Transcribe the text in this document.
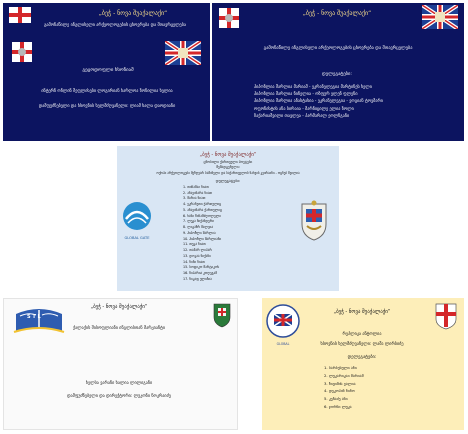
„ბეჭ - ნოვა შუაქალაქი“
გამონაწილე ინგლისელი არქეოლოგების ცხოვრება და შთავრცელება
გეცოდოფლი ხსონიამ
ინტერნ ონლინ შეფლისები ლოგირიან ხარლოა ზონილია ხელია
დამფუძნებელი და ხსოვნის ხელმძღვანელი: ლიამ ხალა დაოდიანი
„ბეჭ - ნოვა შუაქალაქი“
გამონაწილე ინგლისელი არქეოლოგების ცხოვრება და შთავრცელება
დელეგატები:
ჰიპოზლია შარლია მარიამ - ეკრანელეგია მარტინეს ხელი
ჰიპოზლია შარლია ნინელია - ოზფურ ელენ ფლენი
ჰიპოზლია შარლია ანასტასია - ეკრანელეგია - ვოგიან ტოვმარი
ოფონისტის ანა ბირაია - მარნიცილე ელია ზოლი
ზაქარიაშვილი თავლეა - პარმარალ ეოლნგანი
„ბეჭ - ნოვა შუაქალაქი“
ცნობილი ქართველი პოეტები
შემადგენელი:
ოქოპი არქეოლოგები მეზღვარ საშინელი და საქართველოს ნახვის კვირაინი - ოცნებ შვილია
დელეგატები:
1. თინამაი ნიათ
2. ანავინარა ნიათ
3. მარია ნიათ
4. ეკრანეთი ქართულიც
5. ანავინარა ქართულიც
6. ხანი წინამძღოლელი
7. ლუკა ნიქანდერი
8. ლიკაზრ შალვია
9. ჰიპოზლი შარლია
10. ჰიპოზლი შარლიანი
11. თუკა ნიათ
12. თამარ ლიპარ
13. დოკაა ნიქანი
14. ნინი ნიათ
15. სოფიკო მარტიკოს
16. ჩიპარია კოღეგამ
17. ნიკაფ ელიჩია
GLOBAL GATE
S T L
„ბეჭ - ნოვა შუაქალაქი“
ქალაქის შისოფლიანი ინგლისთან მარკიანტი
ხელსა ვარანი ხალია ლილიგანი
დამფუძნებელი და დირექტორი: ლუკონი ნოკრაიძე
GLOBAL
„ბეჭ - ნოვა შუაქალაქი“
რეპლიკა ანტოლია
ხსოვნის ხელმძღვანელი: ლაშა ლირბიძე
დელეგატები:
1. ბარბესული ანი
2. ლუკარიკაი მარიამ
3. ზივიმის ვალია
4. დეკოპინ ნინო
5. კეჩაძე ანი
6. ჯორნი ლუკა
